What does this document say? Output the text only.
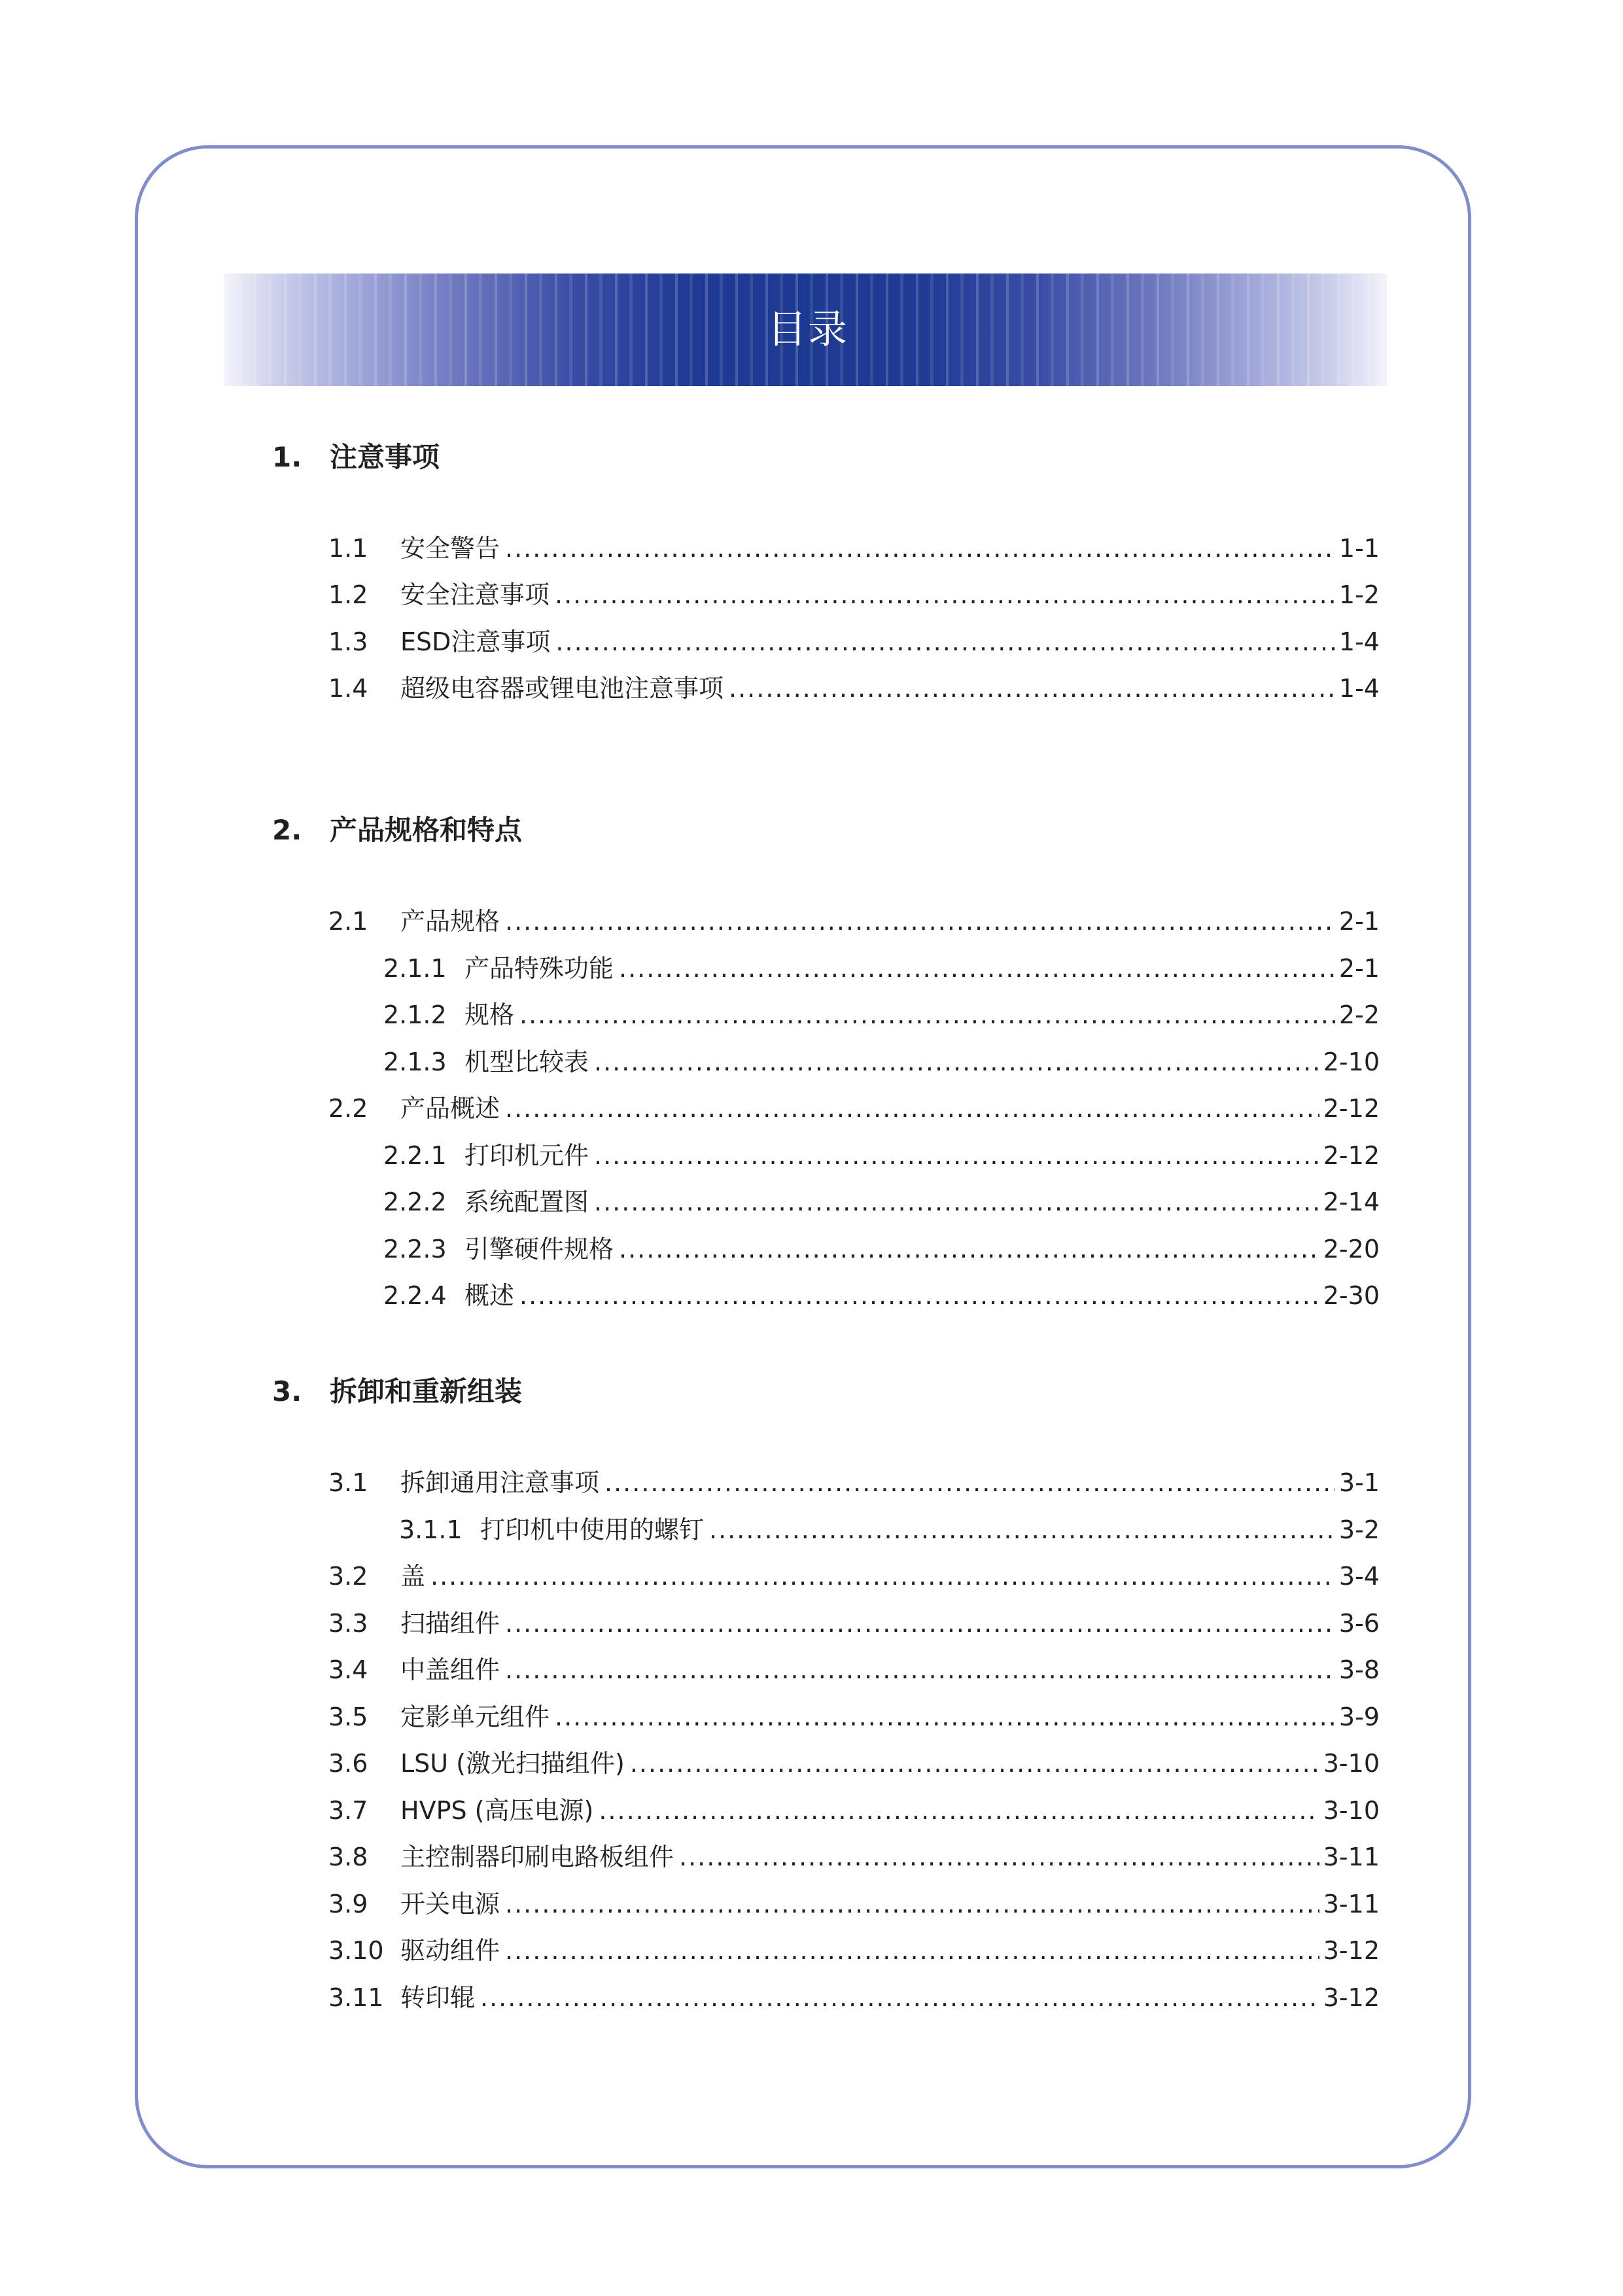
目录
1. 注意事项
1.1	安全警告 .....	1-1
1.2	安全注意事项 .....	1-2
1.3	ESD注意事项 .....	1-4
1.4	超级电容器或锂电池注意事项 .....	1-4
2. 产品规格和特点
2.1	产品规格 .....	2-1
2.1.1 产品特殊功能 .....	2-1
2.1.2 规格 .....	2-2
2.1.3 机型比较表 .....	2-10
2.2	产品概述 .....	2-12
2.2.1 打印机元件 .....	2-12
2.2.2 系统配置图 .....	2-14
2.2.3 引擎硬件规格 .....	2-20
2.2.4 概述 .....	2-30
3. 拆卸和重新组装
3.1	拆卸通用注意事项 .....	3-1
3.1.1 打印机中使用的螺钉 .....	3-2
3.2	盖 .....	3-4
3.3	扫描组件 .....	3-6
3.4	中盖组件 .....	3-8
3.5	定影单元组件 .....	3-9
3.6	LSU (激光扫描组件) .....	3-10
3.7	HVPS (高压电源) .....	3-10
3.8	主控制器印刷电路板组件 .....	3-11
3.9	开关电源 .....	3-11
3.10 驱动组件 .....	3-12
3.11 转印辊 .....	3-12
